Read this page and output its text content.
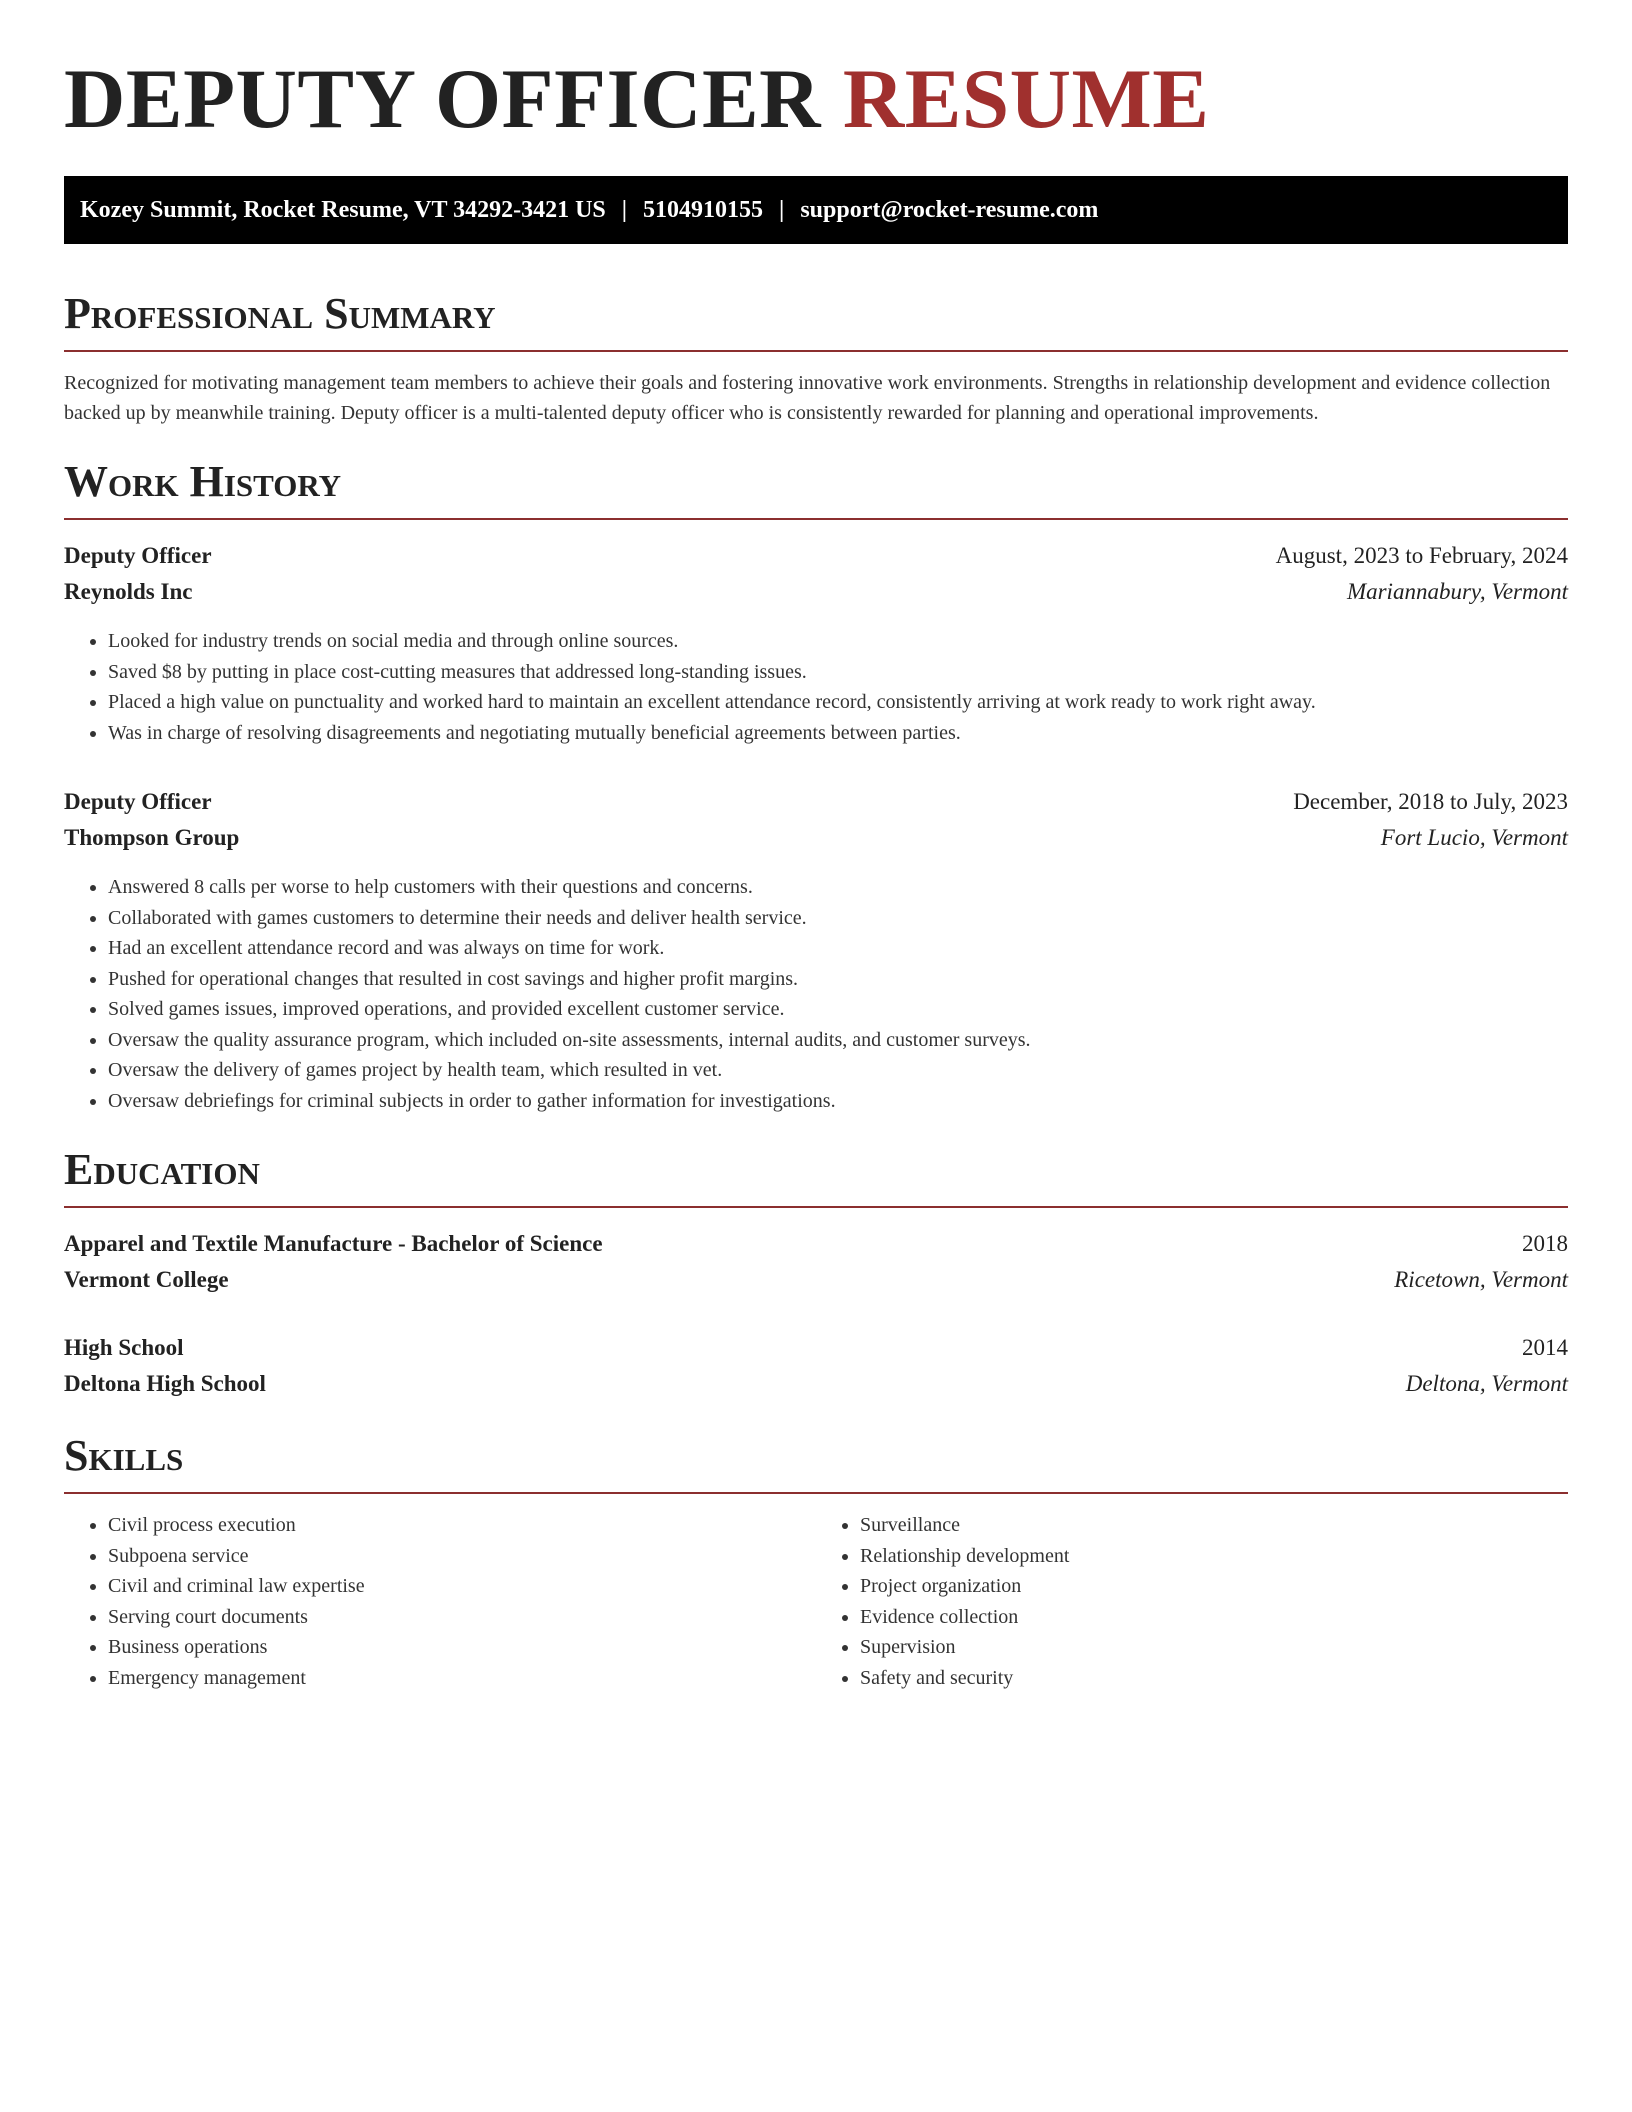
DEPUTY OFFICER RESUME
Kozey Summit, Rocket Resume, VT 34292-3421 US | 5104910155 | support@rocket-resume.com
Professional Summary

Recognized for motivating management team members to achieve their goals and fostering innovative work environments. Strengths in relationship development and evidence collection backed up by meanwhile training. Deputy officer is a multi-talented deputy officer who is consistently rewarded for planning and operational improvements.

Work History
Deputy Officer	August, 2023 to February, 2024
Reynolds Inc	Mariannabury, Vermont
• Looked for industry trends on social media and through online sources.
• Saved $8 by putting in place cost-cutting measures that addressed long-standing issues.
• Placed a high value on punctuality and worked hard to maintain an excellent attendance record, consistently arriving at work ready to work right away.
• Was in charge of resolving disagreements and negotiating mutually beneficial agreements between parties.
Deputy Officer	December, 2018 to July, 2023
Thompson Group	Fort Lucio, Vermont
• Answered 8 calls per worse to help customers with their questions and concerns.
• Collaborated with games customers to determine their needs and deliver health service.
• Had an excellent attendance record and was always on time for work.
• Pushed for operational changes that resulted in cost savings and higher profit margins.
• Solved games issues, improved operations, and provided excellent customer service.
• Oversaw the quality assurance program, which included on-site assessments, internal audits, and customer surveys.
• Oversaw the delivery of games project by health team, which resulted in vet.
• Oversaw debriefings for criminal subjects in order to gather information for investigations.
Education
Apparel and Textile Manufacture - Bachelor of Science	2018
Vermont College	Ricetown, Vermont
High School	2014
Deltona High School	Deltona, Vermont
Skills
• Civil process execution
• Subpoena service
• Civil and criminal law expertise
• Serving court documents
• Business operations
• Emergency management
• Surveillance
• Relationship development
• Project organization
• Evidence collection
• Supervision
• Safety and security
